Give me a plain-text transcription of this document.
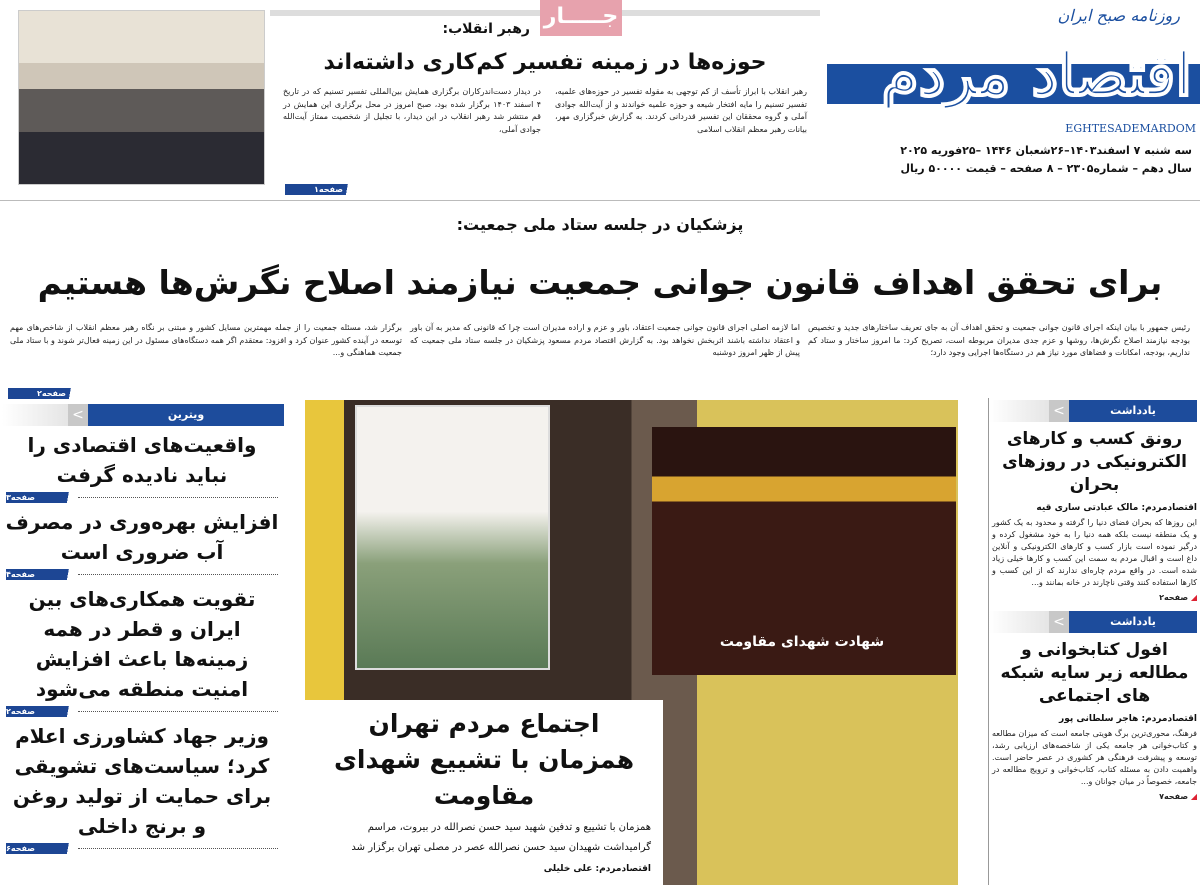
روزنامه صبح ایران
اقتصاد مردم
EGHTESADEMARDOM
سه شنبه ۷ اسفند۱۴۰۳–۲۶شعبان ۱۴۴۶ –۲۵فوریه ۲۰۲۵
سال دهم – شماره۲۳۰۵ – ۸ صفحه – قیمت ۵۰۰۰۰ ریال
جـــــار
رهبر انقلاب:
حوزه‌ها در زمینه تفسیر کم‌کاری داشته‌اند
رهبر انقلاب با ابراز تأسف از کم توجهی به مقوله تفسیر در حوزه‌های علمیه، تفسیر تسنیم را مایه افتخار شیعه و حوزه علمیه خواندند و از آیت‌الله جوادی آملی و گروه محققان این تفسیر قدردانی کردند. به گزارش خبرگزاری مهر، بیانات رهبر معظم انقلاب اسلامی
در دیدار دست‌اندرکاران برگزاری همایش بین‌المللی تفسیر تسنیم که در تاریخ ۴ اسفند ۱۴۰۳ برگزار شده بود، صبح امروز در محل برگزاری این همایش در قم منتشر شد رهبر انقلاب در این دیدار، با تجلیل از شخصیت ممتاز آیت‌الله جوادی آملی،
صفحه۱ »
پزشکیان در جلسه ستاد ملی جمعیت:
برای تحقق اهداف قانون جوانی جمعیت نیازمند اصلاح نگرش‌ها هستیم
رئیس جمهور با بیان اینکه اجرای قانون جوانی جمعیت و تحقق اهداف آن به جای تعریف ساختارهای جدید و تخصیص بودجه نیازمند اصلاح نگرش‌ها، روشها و عزم جدی مدیران مربوطه است، تصریح کرد: ما امروز ساختار و ستاد کم نداریم، بودجه، امکانات و فضاهای مورد نیاز هم در دستگاه‌ها اجرایی وجود دارد؛
اما لازمه اصلی اجرای قانون جوانی جمعیت اعتقاد، باور و عزم و اراده مدیران است چرا که قانونی که مدیر به آن باور و اعتقاد نداشته باشند اثربخش نخواهد بود. به گزارش اقتصاد مردم مسعود پزشکیان در جلسه ستاد ملی جمعیت که پیش از ظهر امروز دوشنبه
برگزار شد، مسئله جمعیت را از جمله مهمترین مسایل کشور و مبتنی بر نگاه رهبر معظم انقلاب از شاخص‌های مهم توسعه در آینده کشور عنوان کرد و افزود: معتقدم اگر همه دستگاه‌های مسئول در این زمینه فعال‌تر شوند و با ستاد ملی جمعیت هماهنگی و...
صفحه۲ »
<	ویترین
واقعیت‌های اقتصادی را نباید نادیده گرفت
صفحه۳ »
افزایش بهره‌وری در مصرف آب ضروری است
صفحه۴ »
تقویت همکاری‌های بین ایران و قطر در همه زمینه‌ها باعث افزایش امنیت منطقه می‌شود
صفحه۲ »
وزیر جهاد کشاورزی اعلام کرد؛ سیاست‌های تشویقی برای حمایت از تولید روغن و برنج داخلی
صفحه۶ »
شهادت شهدای مقاومت
اجتماع مردم تهران همزمان با تشییع شهدای مقاومت
همزمان با تشییع و تدفین شهید سید حسن نصرالله در بیروت، مراسم گرامیداشت شهیدان سید حسن نصرالله عصر در مصلی تهران برگزار شد
اقتصادمردم: علی خلیلی
<	یادداشت
رونق کسب و کارهای الکترونیکی در روزهای بحران
اقتصادمردم: مالک عبادتی ساری قیه
این روزها که بحران فضای دنیا را گرفته و محدود به یک کشور و یک منطقه نیست بلکه همه دنیا را به خود مشغول کرده و درگیر نموده است بازار کسب و کارهای الکترونیکی و آنلاین داغ است و اقبال مردم به سمت این کسب و کارها خیلی زیاد شده است. در واقع مردم چاره‌ای ندارند که از این کسب و کارها استفاده کنند وقتی ناچارند در خانه بمانند و...
◢ صفحه۲
<	یادداشت
افول کتابخوانی و مطالعه زیر سایه شبکه های اجتماعی
اقتصادمردم: هاجر سلطانی پور
فرهنگ، محوری‌ترین برگ هویتی جامعه است که میزان مطالعه و کتاب‌خوانی هر جامعه یکی از شاخصه‌های ارزیابی رشد، توسعه و پیشرفت فرهنگی هر کشوری در عصر حاضر است. واهمیت دادن به مسئله کتاب، کتاب‌خوانی و ترویج مطالعه در جامعه، خصوصاً در میان جوانان و...
◢ صفحه۷
